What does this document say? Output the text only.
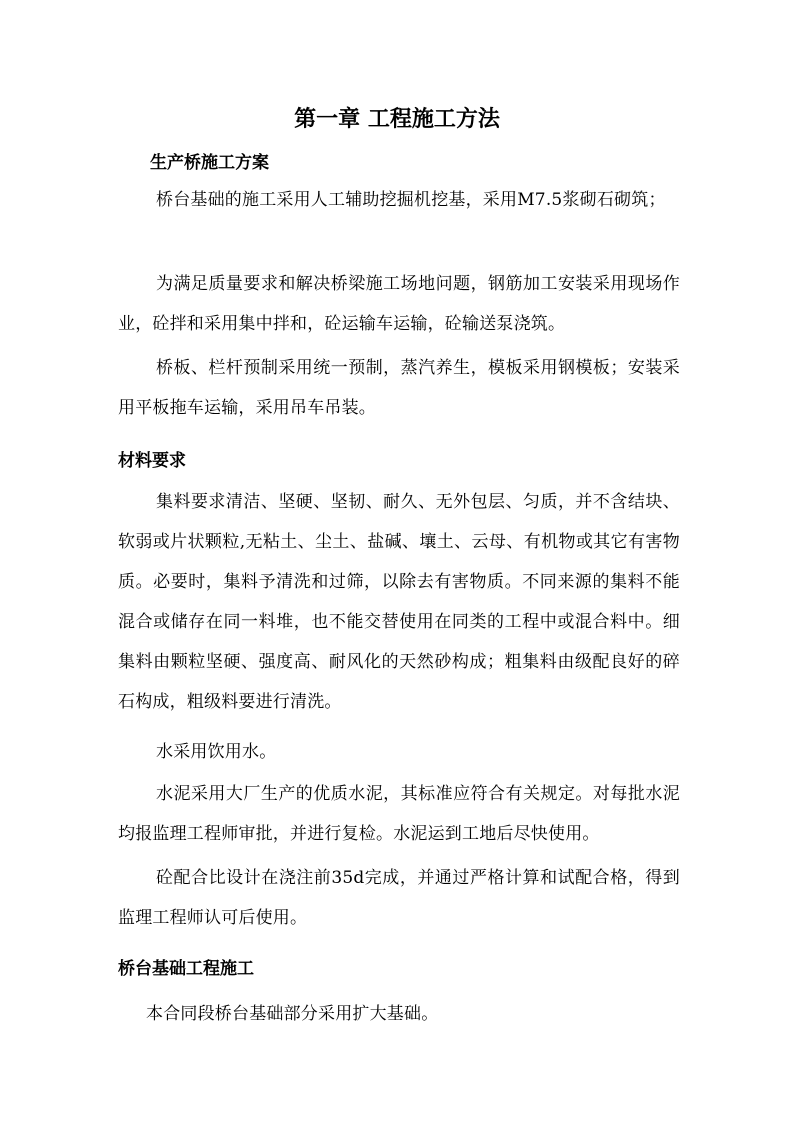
第一章 工程施工方法
生产桥施工方案

桥台基础的施工采用人工辅助挖掘机挖基，采用M7.5浆砌石砌筑；

为满足质量要求和解决桥梁施工场地问题，钢筋加工安装采用现场作业，砼拌和采用集中拌和，砼运输车运输，砼输送泵浇筑。

桥板、栏杆预制采用统一预制，蒸汽养生，模板采用钢模板；安装采用平板拖车运输，采用吊车吊装。

材料要求

集料要求清洁、坚硬、坚韧、耐久、无外包层、匀质，并不含结块、软弱或片状颗粒,无粘土、尘土、盐碱、壤土、云母、有机物或其它有害物质。必要时，集料予清洗和过筛，以除去有害物质。不同来源的集料不能混合或储存在同一料堆，也不能交替使用在同类的工程中或混合料中。细集料由颗粒坚硬、强度高、耐风化的天然砂构成；粗集料由级配良好的碎石构成，粗级料要进行清洗。

水采用饮用水。

水泥采用大厂生产的优质水泥，其标准应符合有关规定。对每批水泥均报监理工程师审批，并进行复检。水泥运到工地后尽快使用。

砼配合比设计在浇注前35d完成，并通过严格计算和试配合格，得到监理工程师认可后使用。

桥台基础工程施工

本合同段桥台基础部分采用扩大基础。
